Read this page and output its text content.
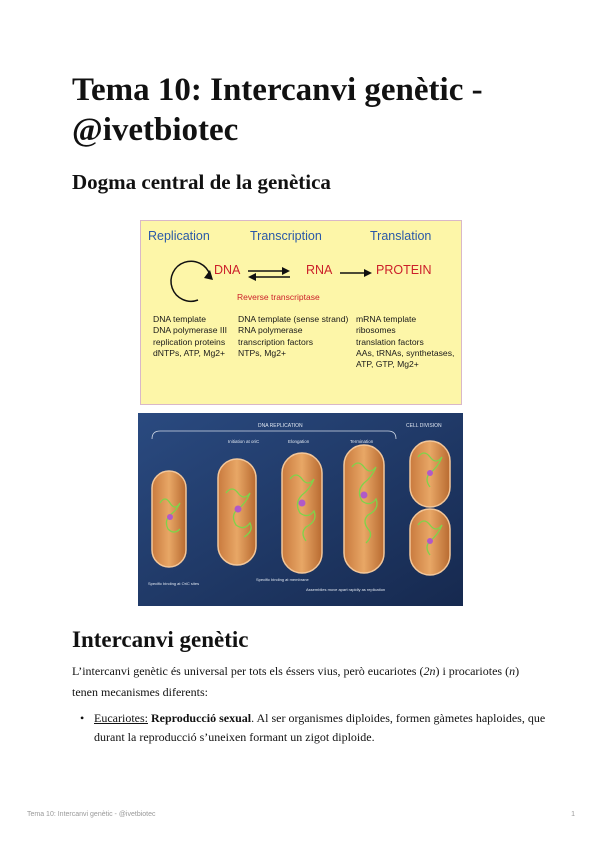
Tema 10: Intercanvi genètic - @ivetbiotec
Dogma central de la genètica
Replication	Transcription	Translation
DNA	RNA	PROTEIN
Reverse transcriptase
DNA template
DNA polymerase III
replication proteins
dNTPs, ATP, Mg2+
DNA template (sense strand)
RNA polymerase
transcription factors
NTPs, Mg2+
mRNA template
ribosomes
translation factors
AAs, tRNAs, synthetases,
ATP, GTP, Mg2+
DNA REPLICATION	CELL DIVISION
Initiation at oriC	Elongation	Termination
Specific binding at OriC sites
Specific binding at membrane
Assemblies move apart rapidly as replication
Intercanvi genètic

L’intercanvi genètic és universal per tots els éssers vius, però eucariotes (2n) i procariotes (n) tenen mecanismes diferents:

• Eucariotes: Reproducció sexual. Al ser organismes diploides, formen gàmetes haploides, que durant la reproducció s’uneixen formant un zigot diploide.
Tema 10: Intercanvi genètic - @ivetbiotec	1
